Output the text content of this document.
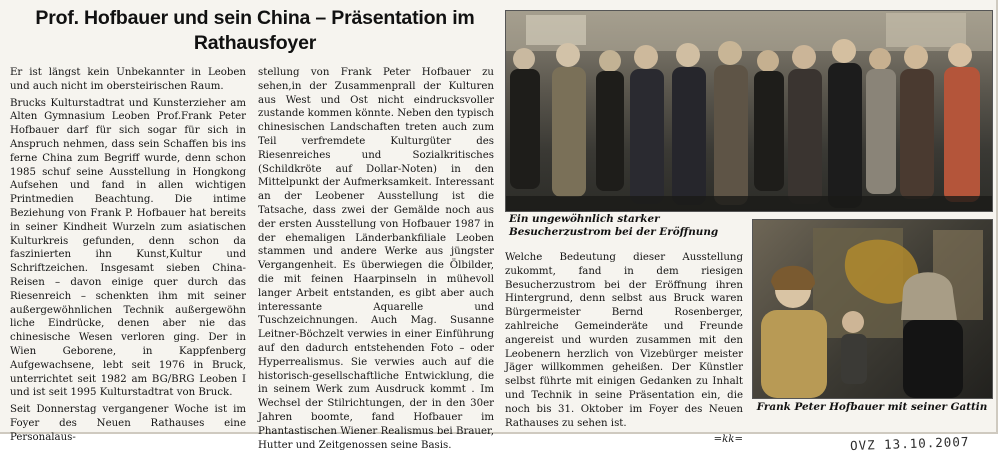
Prof. Hofbauer und sein China – Präsentation im Rathausfoyer

Er ist längst kein Unbekannter in Leoben und auch nicht im obersteirischen Raum.

Brucks Kulturstadtrat und Kunsterzieher am Alten Gymnasium Leoben Prof.Frank Peter Hofbauer darf für sich sogar für sich in Anspruch nehmen, dass sein Schaffen bis ins ferne China zum Begriff wurde, denn schon 1985 schuf seine Ausstellung in Hongkong Aufsehen und fand in allen wichtigen Printmedien Beachtung. Die intime Beziehung von Frank P. Hofbauer hat bereits in seiner Kindheit Wurzeln zum asiatischen Kulturkreis gefunden, denn schon da faszinierten ihn Kunst,Kultur und Schriftzeichen. Insgesamt sieben China-Reisen – davon einige quer durch das Riesenreich – schenkten ihm mit seiner außergewöhnlichen Technik außergewöhn liche Eindrücke, denen aber nie das chinesische Wesen verloren ging. Der in Wien Geborene, in Kappfenberg Aufgewachsene, lebt seit 1976 in Bruck, unterrichtet seit 1982 am BG/BRG Leoben I und ist seit 1995 Kulturstadtrat von Bruck.

Seit Donnerstag vergangener Woche ist im Foyer des Neuen Rathauses eine Personalaus-

stellung von Frank Peter Hofbauer zu sehen,in der Zusammenprall der Kulturen aus West und Ost nicht eindrucksvoller zustande kommen könnte. Neben den typisch chinesischen Landschaften treten auch zum Teil verfremdete Kulturgüter des Riesenreiches und Sozialkritisches (Schildkröte auf Dollar-Noten) in den Mittelpunkt der Aufmerksamkeit. Interessant an der Leobener Ausstellung ist die Tatsache, dass zwei der Gemälde noch aus der ersten Ausstellung von Hofbauer 1987 in der ehemaligen Länderbankfiliale Leoben stammen und andere Werke aus jüngster Vergangenheit. Es überwiegen die Ölbilder, die mit feinen Haarpinseln in mühevoll langer Arbeit entstanden, es gibt aber auch interessante Aquarelle und Tuschzeichnungen. Auch Mag. Susanne Leitner-Böchzelt verwies in einer Einführung auf den dadurch entstehenden Foto – oder Hyperrealismus. Sie verwies auch auf die historisch-gesellschaftliche Entwicklung, die in seinem Werk zum Ausdruck kommt . Im Wechsel der Stilrichtungen, der in den 30er Jahren boomte, fand Hofbauer im Phantastischen Wiener Realismus bei Brauer, Hutter und Zeitgenossen seine Basis.

Ein ungewöhnlich starker Besucherzustrom bei der Eröffnung

Welche Bedeutung dieser Ausstellung zukommt, fand in dem riesigen Besucherzustrom bei der Eröffnung ihren Hintergrund, denn selbst aus Bruck waren Bürgermeister Bernd Rosenberger, zahlreiche Gemeinderäte und Freunde angereist und wurden zusammen mit den Leobenern herzlich von Vizebürger meister Jäger willkommen geheißen. Der Künstler selbst führte mit einigen Gedanken zu Inhalt und Technik in seine Präsentation ein, die noch bis 31. Oktober im Foyer des Neuen Rathauses zu sehen ist.

=kk=

Frank Peter Hofbauer mit seiner Gattin
OVZ 13.10.2007
